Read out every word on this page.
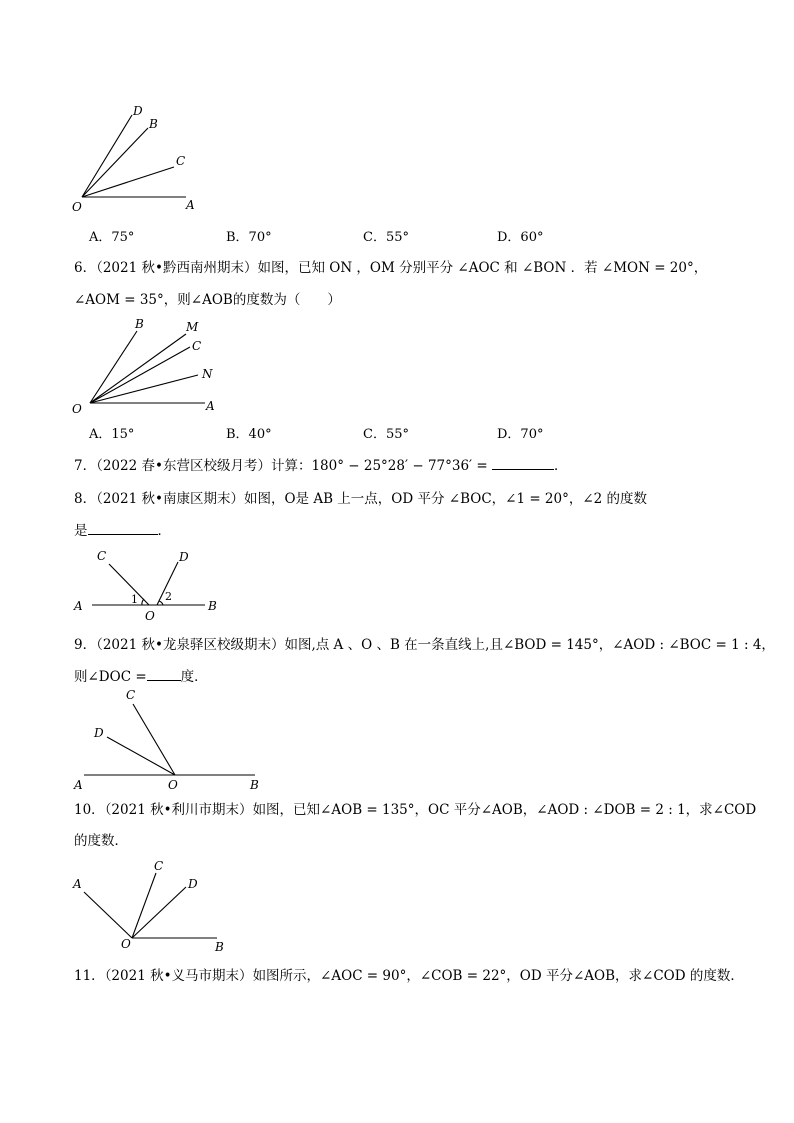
D
B
C
O	A
A．75°	B．70°	C．55°	D．60°
6．（2021 秋•黔西南州期末）如图，已知 ON ，OM 分别平分 ∠AOC 和 ∠BON ．若 ∠MON = 20°，
∠AOM = 35°，则∠AOB的度数为（　　）
B	M
C
N
O	A
A．15°	B．40°	C．55°	D．70°
7．（2022 春•东营区校级月考）计算：180° − 25°28′ − 77°36′ =	．
8．（2021 秋•南康区期末）如图，O是 AB 上一点，OD 平分 ∠BOC，∠1 = 20°，∠2 的度数
是	．
C	D
A	B
O
1 2
9．（2021 秋•龙泉驿区校级期末）如图,点 A 、O 、B 在一条直线上,且∠BOD = 145°，∠AOD : ∠BOC = 1 : 4，
则∠DOC =	度．
C
D
A	O	B
10．（2021 秋•利川市期末）如图，已知∠AOB = 135°，OC 平分∠AOB，∠AOD : ∠DOB = 2 : 1，求∠COD
的度数．
A
C
D
O	B
11．（2021 秋•义马市期末）如图所示，∠AOC = 90°，∠COB = 22°，OD 平分∠AOB，求∠COD 的度数．
